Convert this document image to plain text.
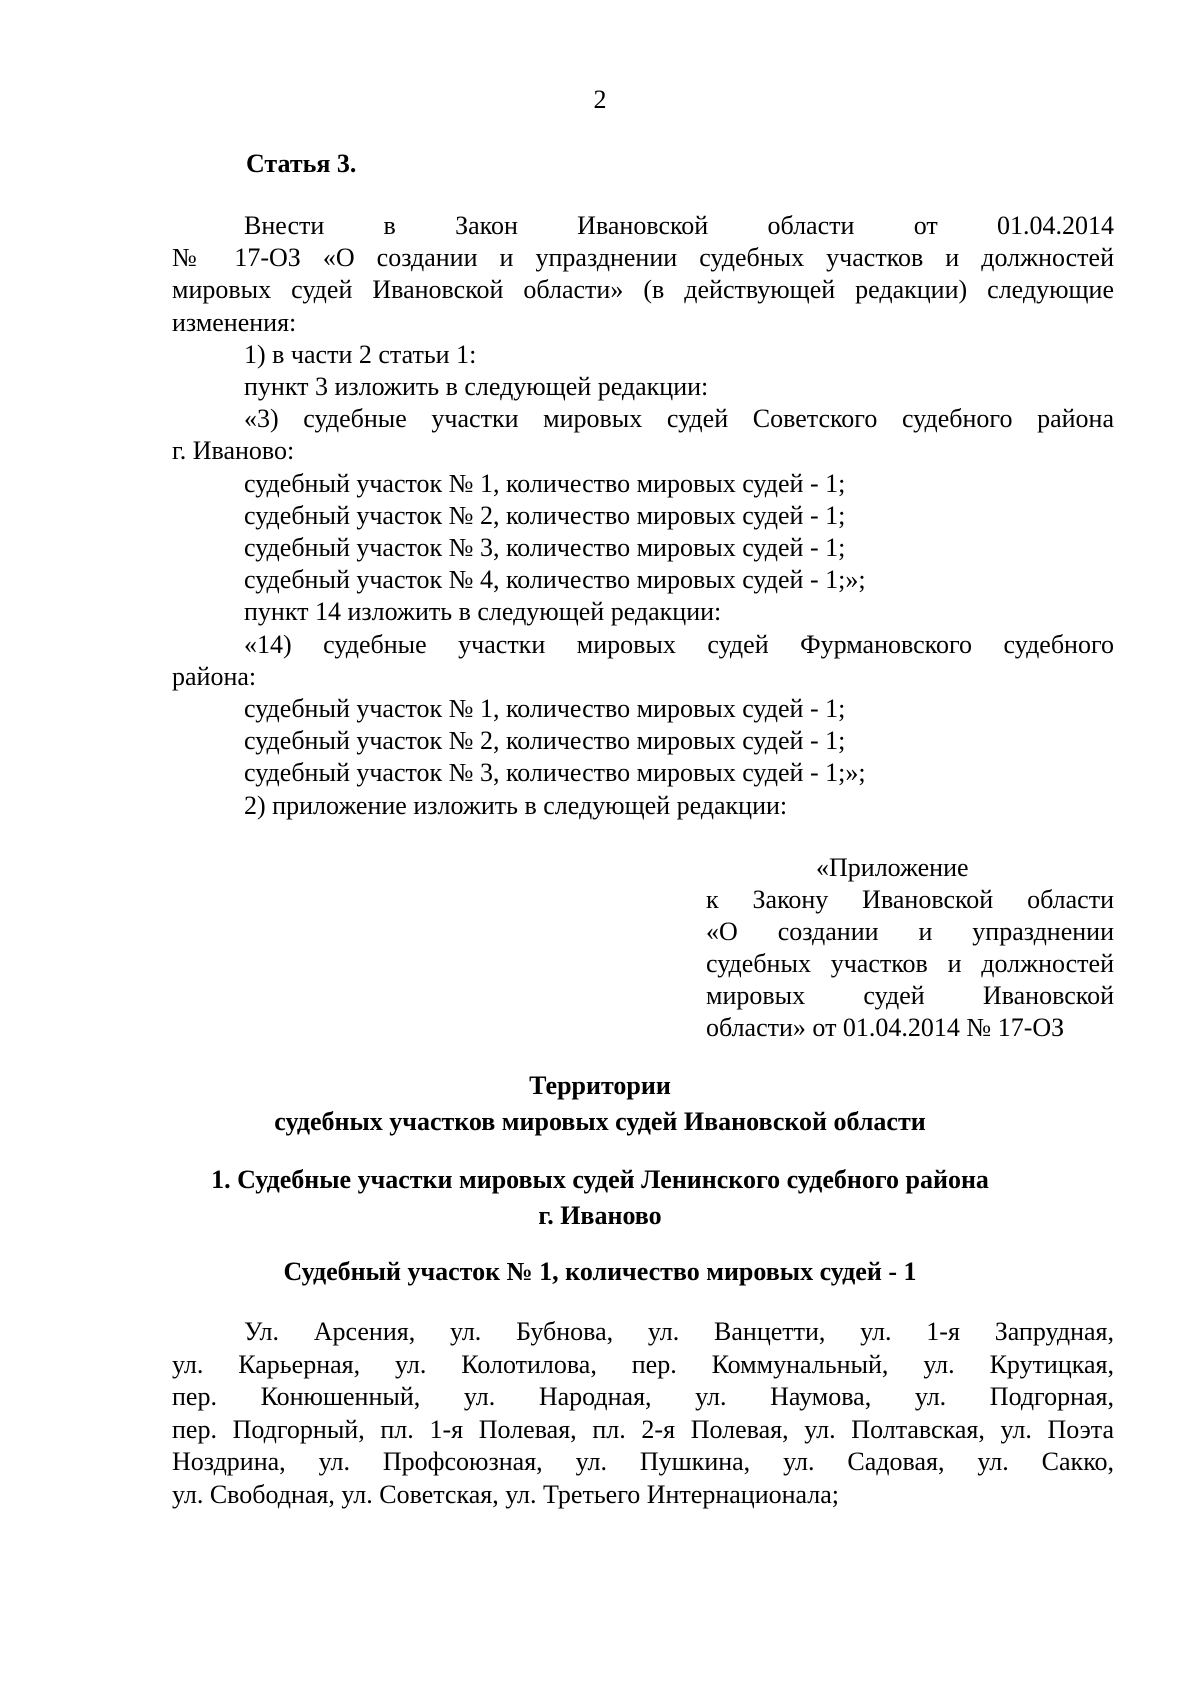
2
Статья 3.

Внести в Закон Ивановской области от 01.04.2014

№ 17-ОЗ «О создании и упразднении судебных участков и должностей

мировых судей Ивановской области» (в действующей редакции) следующие

изменения:

1) в части 2 статьи 1:

пункт 3 изложить в следующей редакции:

«3) судебные участки мировых судей Советского судебного района

г. Иваново:

судебный участок № 1, количество мировых судей - 1;

судебный участок № 2, количество мировых судей - 1;

судебный участок № 3, количество мировых судей - 1;

судебный участок № 4, количество мировых судей - 1;»;

пункт 14 изложить в следующей редакции:

«14) судебные участки мировых судей Фурмановского судебного

района:

судебный участок № 1, количество мировых судей - 1;

судебный участок № 2, количество мировых судей - 1;

судебный участок № 3, количество мировых судей - 1;»;

2) приложение изложить в следующей редакции:

«Приложение

к Закону Ивановской области

«О создании и упразднении

судебных участков и должностей

мировых судей Ивановской

области» от 01.04.2014 № 17-ОЗ

Территории
судебных участков мировых судей Ивановской области
1. Судебные участки мировых судей Ленинского судебного района
г. Иваново
Судебный участок № 1, количество мировых судей - 1

Ул. Арсения, ул. Бубнова, ул. Ванцетти, ул. 1-я Запрудная,

ул. Карьерная, ул. Колотилова, пер. Коммунальный, ул. Крутицкая,

пер. Конюшенный, ул. Народная, ул. Наумова, ул. Подгорная,

пер. Подгорный, пл. 1-я Полевая, пл. 2-я Полевая, ул. Полтавская, ул. Поэта

Ноздрина, ул. Профсоюзная, ул. Пушкина, ул. Садовая, ул. Сакко,

ул. Свободная, ул. Советская, ул. Третьего Интернационала;
